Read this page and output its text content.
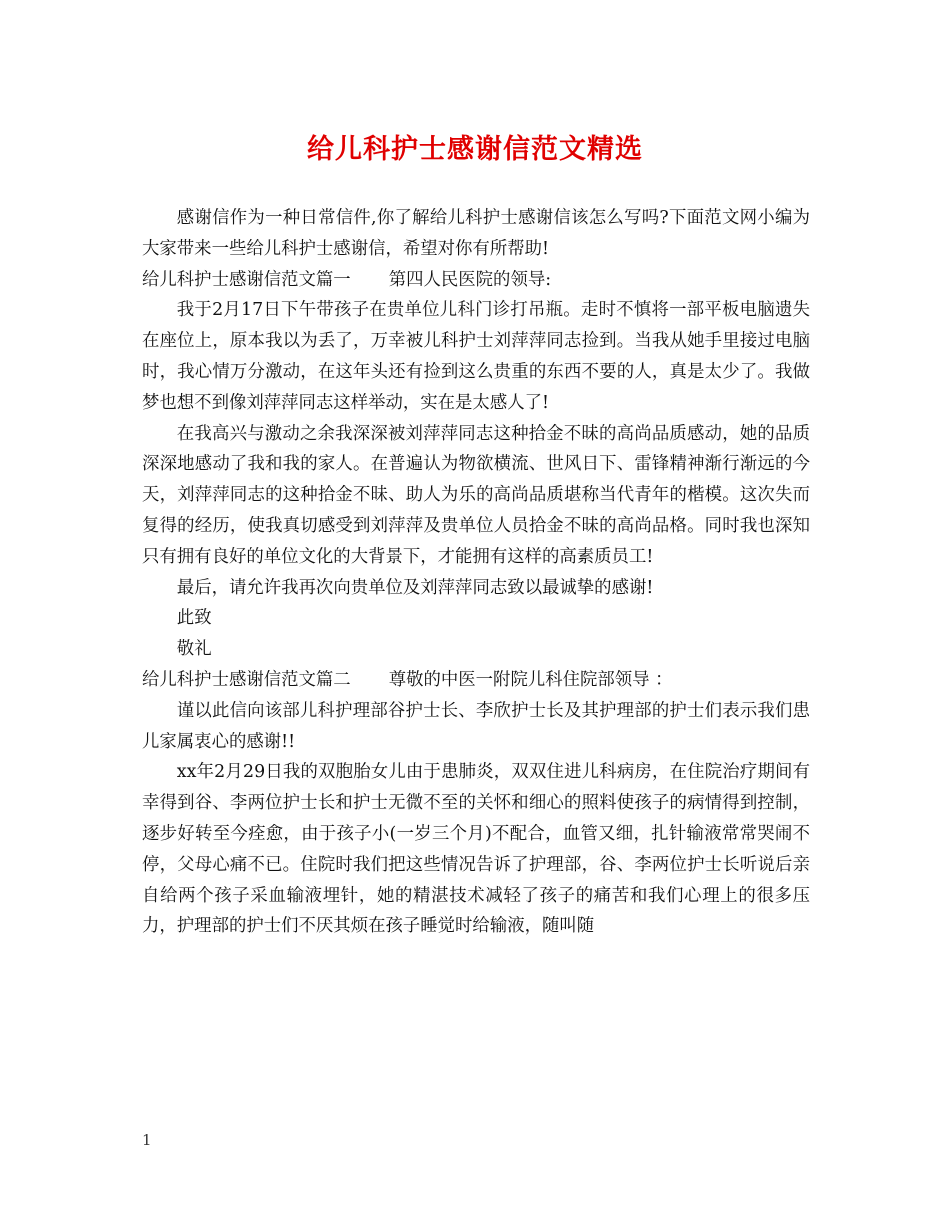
给儿科护士感谢信范文精选

感谢信作为一种日常信件,你了解给儿科护士感谢信该怎么写吗?下面范文网小编为大家带来一些给儿科护士感谢信，希望对你有所帮助!

给儿科护士感谢信范文篇一 第四人民医院的领导:

我于2月17日下午带孩子在贵单位儿科门诊打吊瓶。走时不慎将一部平板电脑遗失在座位上，原本我以为丢了，万幸被儿科护士刘萍萍同志捡到。当我从她手里接过电脑时，我心情万分激动，在这年头还有捡到这么贵重的东西不要的人，真是太少了。我做梦也想不到像刘萍萍同志这样举动，实在是太感人了!

在我高兴与激动之余我深深被刘萍萍同志这种拾金不昧的高尚品质感动，她的品质深深地感动了我和我的家人。在普遍认为物欲横流、世风日下、雷锋精神渐行渐远的今天，刘萍萍同志的这种拾金不昧、助人为乐的高尚品质堪称当代青年的楷模。这次失而复得的经历，使我真切感受到刘萍萍及贵单位人员拾金不昧的高尚品格。同时我也深知只有拥有良好的单位文化的大背景下，才能拥有这样的高素质员工!

最后，请允许我再次向贵单位及刘萍萍同志致以最诚挚的感谢!

此致

敬礼

给儿科护士感谢信范文篇二 尊敬的中医一附院儿科住院部领导 ：

谨以此信向该部儿科护理部谷护士长、李欣护士长及其护理部的护士们表示我们患儿家属衷心的感谢!!

xx年2月29日我的双胞胎女儿由于患肺炎，双双住进儿科病房，在住院治疗期间有幸得到谷、李两位护士长和护士无微不至的关怀和细心的照料使孩子的病情得到控制，逐步好转至今痊愈，由于孩子小(一岁三个月)不配合，血管又细，扎针输液常常哭闹不停，父母心痛不已。住院时我们把这些情况告诉了护理部，谷、李两位护士长听说后亲自给两个孩子采血输液埋针，她的精湛技术减轻了孩子的痛苦和我们心理上的很多压力，护理部的护士们不厌其烦在孩子睡觉时给输液，随叫随

1
